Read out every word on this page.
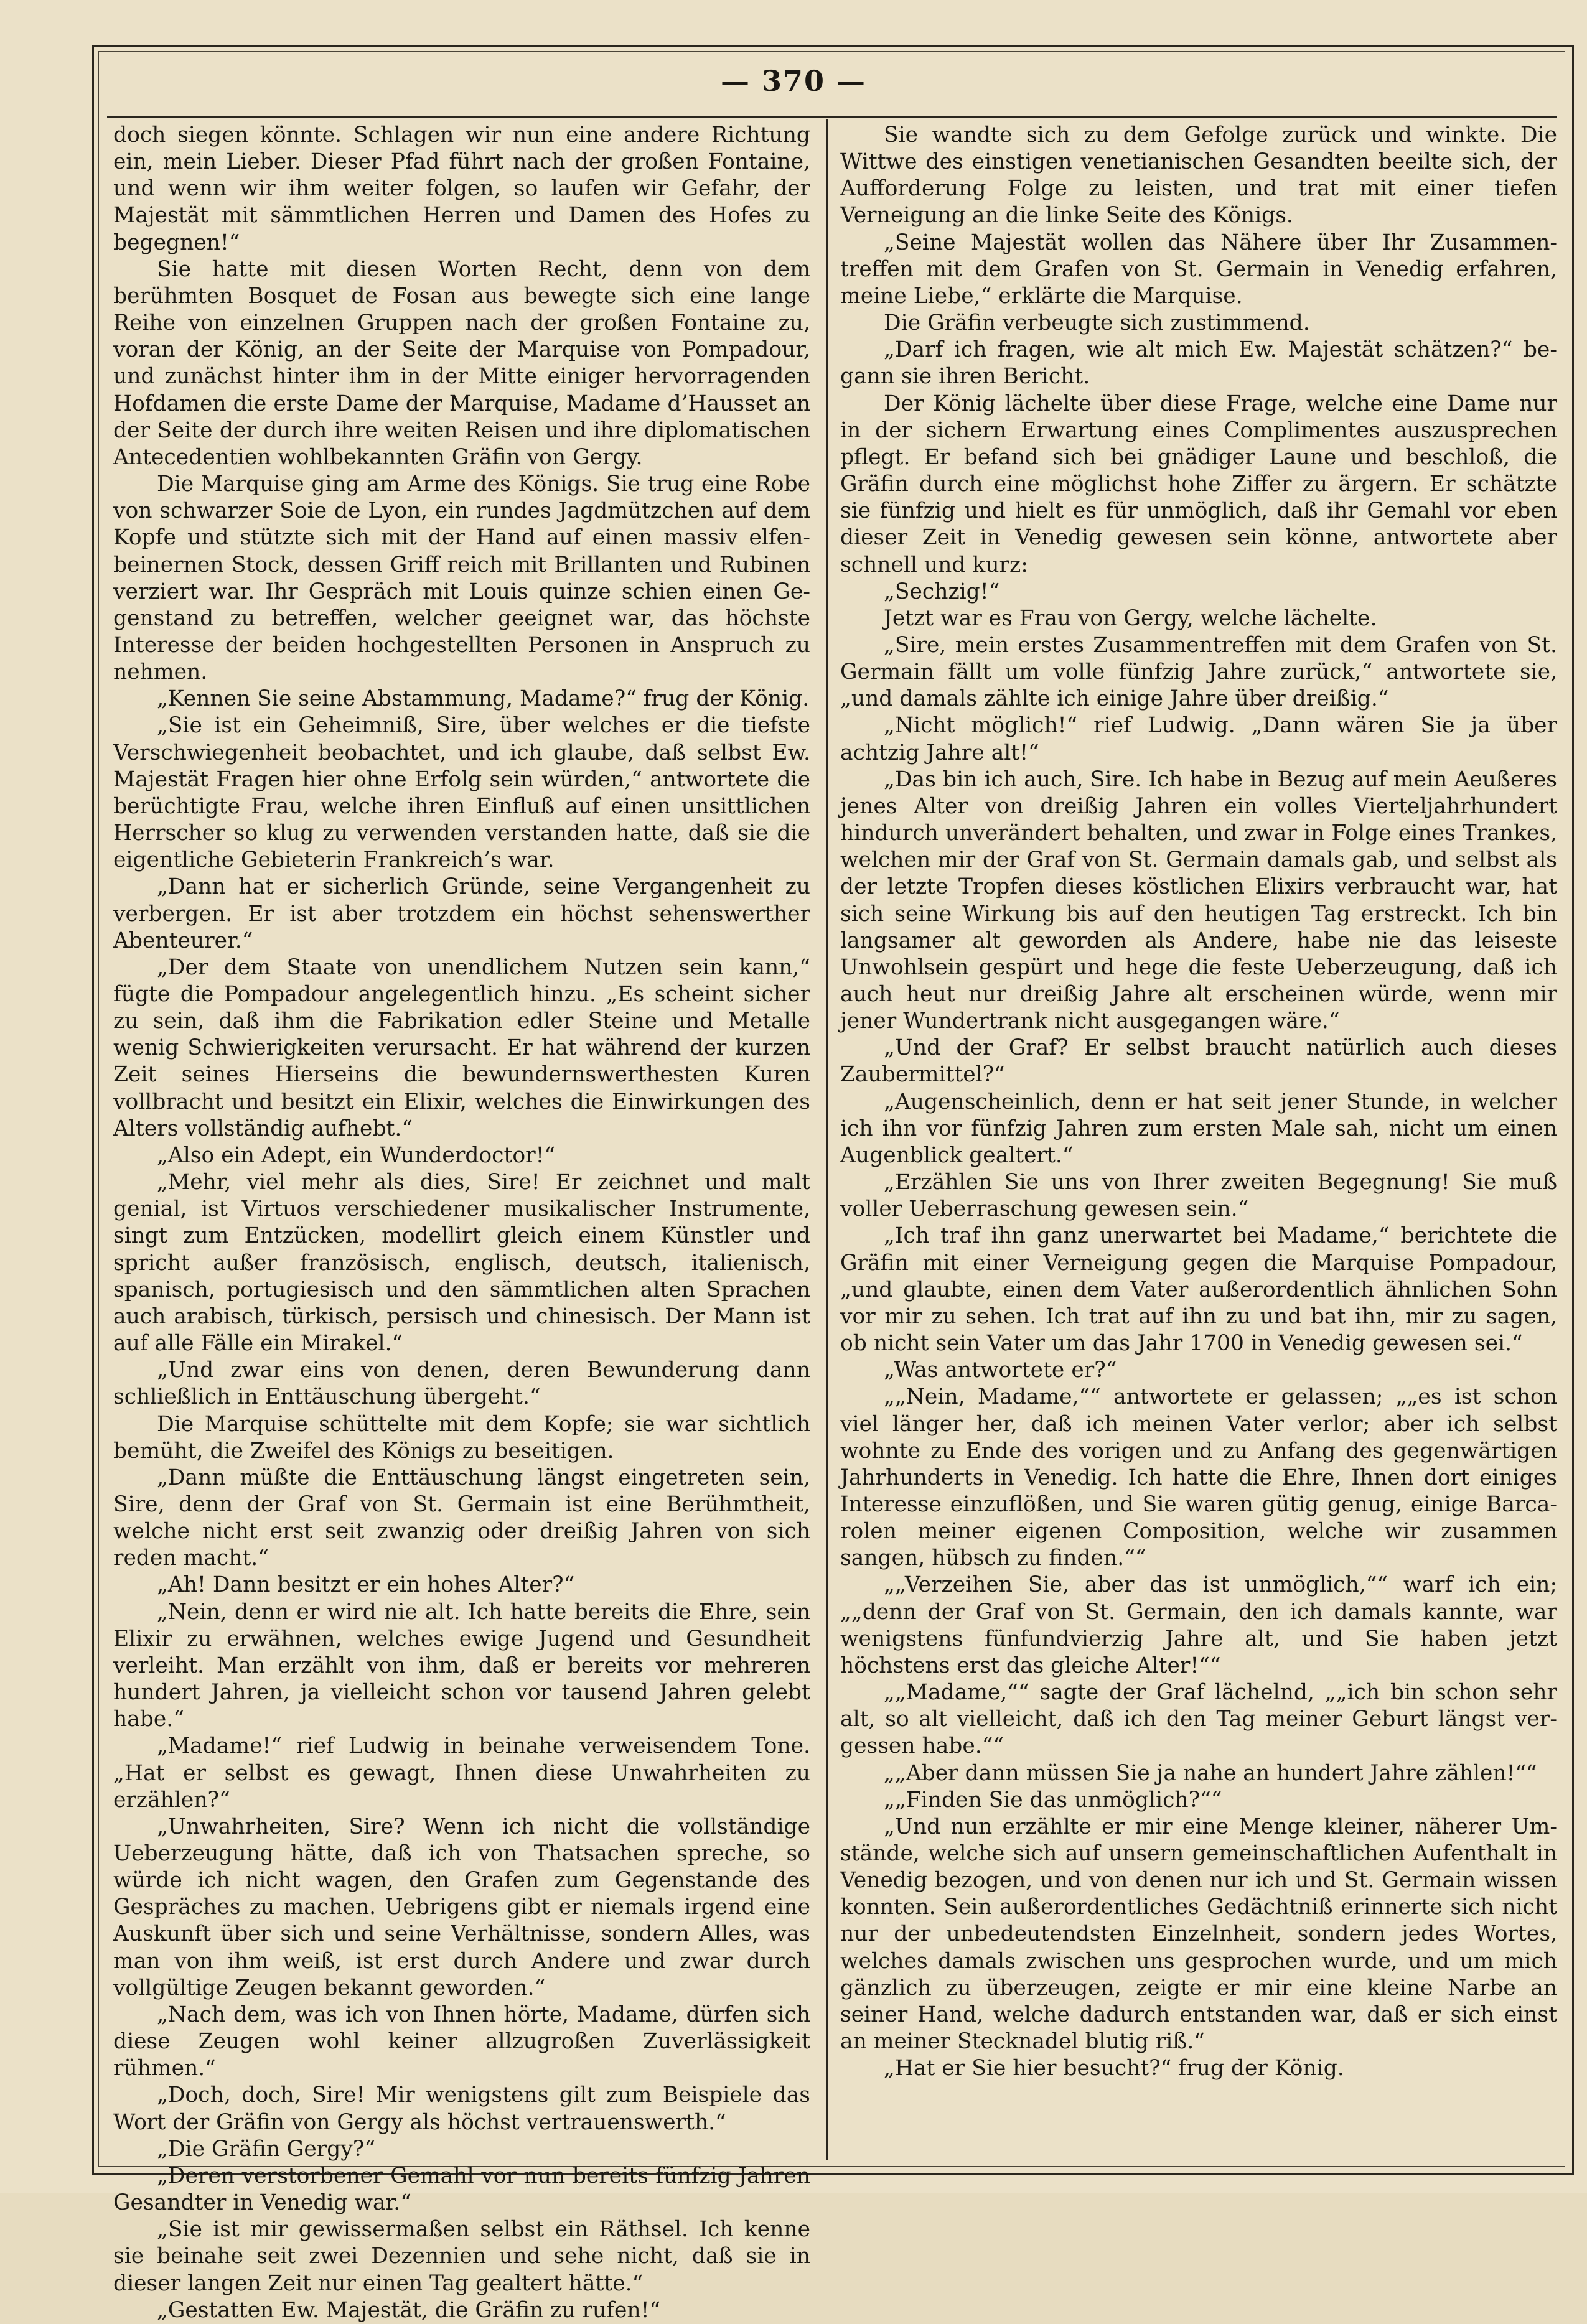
— 370 —

doch siegen könnte. Schlagen wir nun eine andere Richtung ein, mein Lieber. Dieser Pfad führt nach der großen Fontaine, und wenn wir ihm weiter folgen, so laufen wir Gefahr, der Majestät mit sämmtlichen Herren und Damen des Hofes zu begegnen!“

Sie hatte mit diesen Worten Recht, denn von dem berühmten Bosquet de Fosan aus bewegte sich eine lange Reihe von einzelnen Gruppen nach der großen Fontaine zu, voran der König, an der Seite der Marquise von Pompadour, und zunächst hinter ihm in der Mitte einiger hervorragenden Hofdamen die erste Dame der Marquise, Madame d’Hausset an der Seite der durch ihre weiten Reisen und ihre diplomatischen Antecedentien wohlbekannten Gräfin von Gergy.

Die Marquise ging am Arme des Königs. Sie trug eine Robe von schwarzer Soie de Lyon, ein rundes Jagdmützchen auf dem Kopfe und stützte sich mit der Hand auf einen massiv elfenbeinernen Stock, dessen Griff reich mit Brillanten und Rubinen verziert war. Ihr Gespräch mit Louis quinze schien einen Gegenstand zu betreffen, welcher geeignet war, das höchste Interesse der beiden hochgestellten Personen in Anspruch zu nehmen.

„Kennen Sie seine Abstammung, Madame?“ frug der König.

„Sie ist ein Geheimniß, Sire, über welches er die tiefste Verschwiegenheit beobachtet, und ich glaube, daß selbst Ew. Majestät Fragen hier ohne Erfolg sein würden,“ antwortete die berüchtigte Frau, welche ihren Einfluß auf einen unsittlichen Herrscher so klug zu verwenden verstanden hatte, daß sie die eigentliche Gebieterin Frankreich’s war.

„Dann hat er sicherlich Gründe, seine Vergangenheit zu verbergen. Er ist aber trotzdem ein höchst sehenswerther Abenteurer.“

„Der dem Staate von unendlichem Nutzen sein kann,“ fügte die Pompadour angelegentlich hinzu. „Es scheint sicher zu sein, daß ihm die Fabrikation edler Steine und Metalle wenig Schwierigkeiten verursacht. Er hat während der kurzen Zeit seines Hierseins die bewundernswerthesten Kuren vollbracht und besitzt ein Elixir, welches die Einwirkungen des Alters vollständig aufhebt.“

„Also ein Adept, ein Wunderdoctor!“

„Mehr, viel mehr als dies, Sire! Er zeichnet und malt genial, ist Virtuos verschiedener musikalischer Instrumente, singt zum Entzücken, modellirt gleich einem Künstler und spricht außer französisch, englisch, deutsch, italienisch, spanisch, portugiesisch und den sämmtlichen alten Sprachen auch arabisch, türkisch, persisch und chinesisch. Der Mann ist auf alle Fälle ein Mirakel.“

„Und zwar eins von denen, deren Bewunderung dann schließlich in Enttäuschung übergeht.“

Die Marquise schüttelte mit dem Kopfe; sie war sichtlich bemüht, die Zweifel des Königs zu beseitigen.

„Dann müßte die Enttäuschung längst eingetreten sein, Sire, denn der Graf von St. Germain ist eine Berühmtheit, welche nicht erst seit zwanzig oder dreißig Jahren von sich reden macht.“

„Ah! Dann besitzt er ein hohes Alter?“

„Nein, denn er wird nie alt. Ich hatte bereits die Ehre, sein Elixir zu erwähnen, welches ewige Jugend und Gesundheit verleiht. Man erzählt von ihm, daß er bereits vor mehreren hundert Jahren, ja vielleicht schon vor tausend Jahren gelebt habe.“

„Madame!“ rief Ludwig in beinahe verweisendem Tone. „Hat er selbst es gewagt, Ihnen diese Unwahrheiten zu erzählen?“

„Unwahrheiten, Sire? Wenn ich nicht die vollständige Ueberzeugung hätte, daß ich von Thatsachen spreche, so würde ich nicht wagen, den Grafen zum Gegenstande des Gespräches zu machen. Uebrigens gibt er niemals irgend eine Auskunft über sich und seine Verhältnisse, sondern Alles, was man von ihm weiß, ist erst durch Andere und zwar durch vollgültige Zeugen bekannt geworden.“

„Nach dem, was ich von Ihnen hörte, Madame, dürfen sich diese Zeugen wohl keiner allzugroßen Zuverlässigkeit rühmen.“

„Doch, doch, Sire! Mir wenigstens gilt zum Beispiele das Wort der Gräfin von Gergy als höchst vertrauenswerth.“

„Die Gräfin Gergy?“

„Deren verstorbener Gemahl vor nun bereits fünfzig Jahren Gesandter in Venedig war.“

„Sie ist mir gewissermaßen selbst ein Räthsel. Ich kenne sie beinahe seit zwei Dezennien und sehe nicht, daß sie in dieser langen Zeit nur einen Tag gealtert hätte.“

„Gestatten Ew. Majestät, die Gräfin zu rufen!“

Sie wandte sich zu dem Gefolge zurück und winkte. Die Wittwe des einstigen venetianischen Gesandten beeilte sich, der Aufforderung Folge zu leisten, und trat mit einer tiefen Verneigung an die linke Seite des Königs.

„Seine Majestät wollen das Nähere über Ihr Zusammentreffen mit dem Grafen von St. Germain in Venedig erfahren, meine Liebe,“ erklärte die Marquise.

Die Gräfin verbeugte sich zustimmend.

„Darf ich fragen, wie alt mich Ew. Majestät schätzen?“ begann sie ihren Bericht.

Der König lächelte über diese Frage, welche eine Dame nur in der sichern Erwartung eines Complimentes auszusprechen pflegt. Er befand sich bei gnädiger Laune und beschloß, die Gräfin durch eine möglichst hohe Ziffer zu ärgern. Er schätzte sie fünfzig und hielt es für unmöglich, daß ihr Gemahl vor eben dieser Zeit in Venedig gewesen sein könne, antwortete aber schnell und kurz:

„Sechzig!“

Jetzt war es Frau von Gergy, welche lächelte.

„Sire, mein erstes Zusammentreffen mit dem Grafen von St. Germain fällt um volle fünfzig Jahre zurück,“ antwortete sie, „und damals zählte ich einige Jahre über dreißig.“

„Nicht möglich!“ rief Ludwig. „Dann wären Sie ja über achtzig Jahre alt!“

„Das bin ich auch, Sire. Ich habe in Bezug auf mein Aeußeres jenes Alter von dreißig Jahren ein volles Vierteljahrhundert hindurch unverändert behalten, und zwar in Folge eines Trankes, welchen mir der Graf von St. Germain damals gab, und selbst als der letzte Tropfen dieses köstlichen Elixirs verbraucht war, hat sich seine Wirkung bis auf den heutigen Tag erstreckt. Ich bin langsamer alt geworden als Andere, habe nie das leiseste Unwohlsein gespürt und hege die feste Ueberzeugung, daß ich auch heut nur dreißig Jahre alt erscheinen würde, wenn mir jener Wundertrank nicht ausgegangen wäre.“

„Und der Graf? Er selbst braucht natürlich auch dieses Zaubermittel?“

„Augenscheinlich, denn er hat seit jener Stunde, in welcher ich ihn vor fünfzig Jahren zum ersten Male sah, nicht um einen Augenblick gealtert.“

„Erzählen Sie uns von Ihrer zweiten Begegnung! Sie muß voller Ueberraschung gewesen sein.“

„Ich traf ihn ganz unerwartet bei Madame,“ berichtete die Gräfin mit einer Verneigung gegen die Marquise Pompadour, „und glaubte, einen dem Vater außerordentlich ähnlichen Sohn vor mir zu sehen. Ich trat auf ihn zu und bat ihn, mir zu sagen, ob nicht sein Vater um das Jahr 1700 in Venedig gewesen sei.“

„Was antwortete er?“

„„Nein, Madame,““ antwortete er gelassen; „„es ist schon viel länger her, daß ich meinen Vater verlor; aber ich selbst wohnte zu Ende des vorigen und zu Anfang des gegenwärtigen Jahrhunderts in Venedig. Ich hatte die Ehre, Ihnen dort einiges Interesse einzuflößen, und Sie waren gütig genug, einige Barcarolen meiner eigenen Composition, welche wir zusammen sangen, hübsch zu finden.““

„„Verzeihen Sie, aber das ist unmöglich,““ warf ich ein; „„denn der Graf von St. Germain, den ich damals kannte, war wenigstens fünfundvierzig Jahre alt, und Sie haben jetzt höchstens erst das gleiche Alter!““

„„Madame,““ sagte der Graf lächelnd, „„ich bin schon sehr alt, so alt vielleicht, daß ich den Tag meiner Geburt längst vergessen habe.““

„„Aber dann müssen Sie ja nahe an hundert Jahre zählen!““

„„Finden Sie das unmöglich?““

„Und nun erzählte er mir eine Menge kleiner, näherer Umstände, welche sich auf unsern gemeinschaftlichen Aufenthalt in Venedig bezogen, und von denen nur ich und St. Germain wissen konnten. Sein außerordentliches Gedächtniß erinnerte sich nicht nur der unbedeutendsten Einzelnheit, sondern jedes Wortes, welches damals zwischen uns gesprochen wurde, und um mich gänzlich zu überzeugen, zeigte er mir eine kleine Narbe an seiner Hand, welche dadurch entstanden war, daß er sich einst an meiner Stecknadel blutig riß.“

„Hat er Sie hier besucht?“ frug der König.
